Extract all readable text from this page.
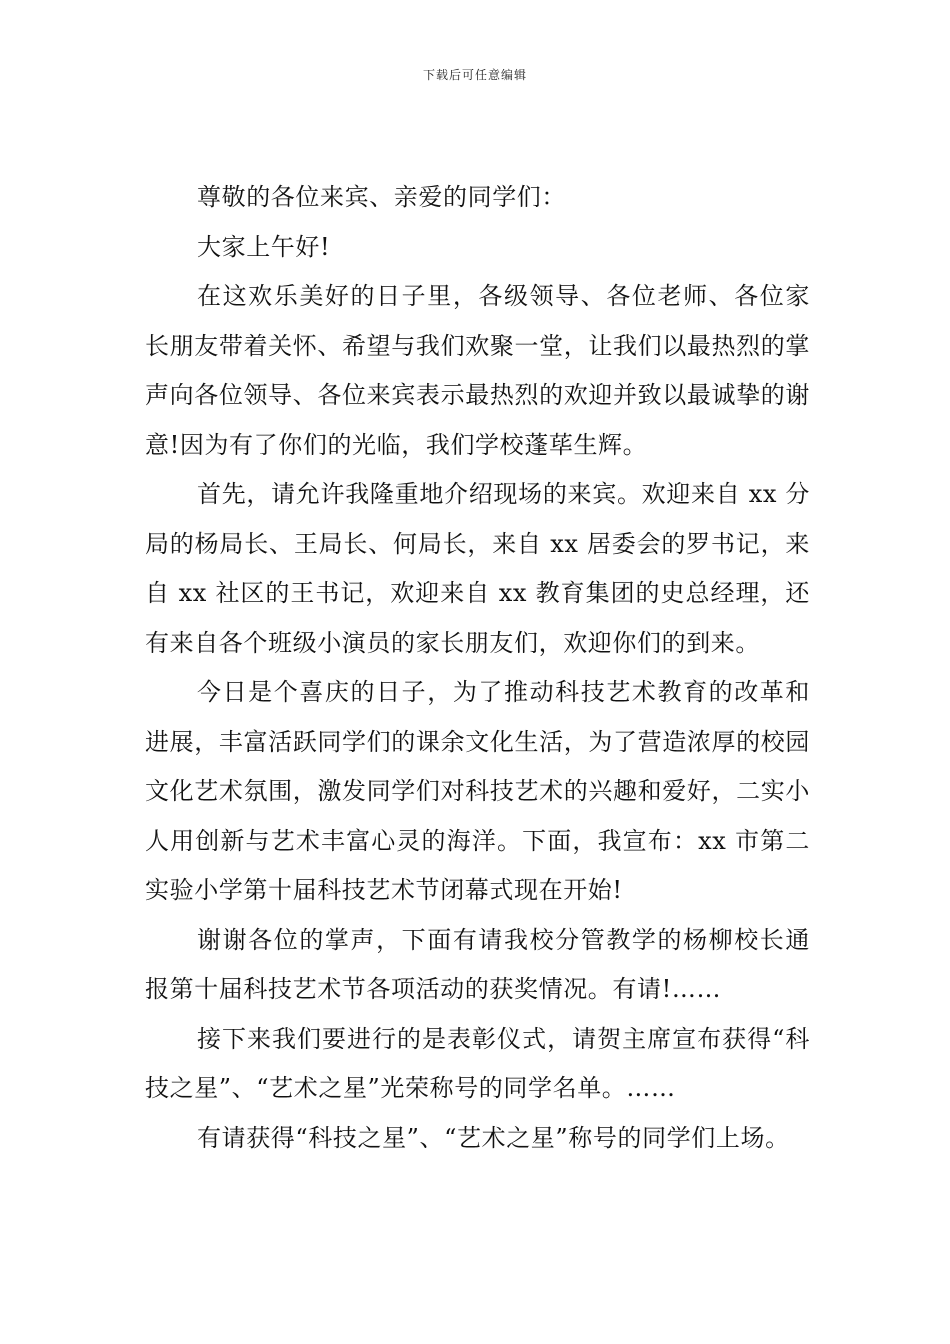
下载后可任意编辑

尊敬的各位来宾、亲爱的同学们：

大家上午好!

在这欢乐美好的日子里，各级领导、各位老师、各位家长朋友带着关怀、希望与我们欢聚一堂，让我们以最热烈的掌声向各位领导、各位来宾表示最热烈的欢迎并致以最诚挚的谢意!因为有了你们的光临，我们学校蓬荜生辉。

首先，请允许我隆重地介绍现场的来宾。欢迎来自 xx 分局的杨局长、王局长、何局长，来自 xx 居委会的罗书记，来自 xx 社区的王书记，欢迎来自 xx 教育集团的史总经理，还有来自各个班级小演员的家长朋友们，欢迎你们的到来。

今日是个喜庆的日子，为了推动科技艺术教育的改革和进展，丰富活跃同学们的课余文化生活，为了营造浓厚的校园文化艺术氛围，激发同学们对科技艺术的兴趣和爱好，二实小人用创新与艺术丰富心灵的海洋。下面，我宣布：xx 市第二实验小学第十届科技艺术节闭幕式现在开始!

谢谢各位的掌声，下面有请我校分管教学的杨柳校长通报第十届科技艺术节各项活动的获奖情况。有请!……

接下来我们要进行的是表彰仪式，请贺主席宣布获得“科技之星”、“艺术之星”光荣称号的同学名单。……

有请获得“科技之星”、“艺术之星”称号的同学们上场。
